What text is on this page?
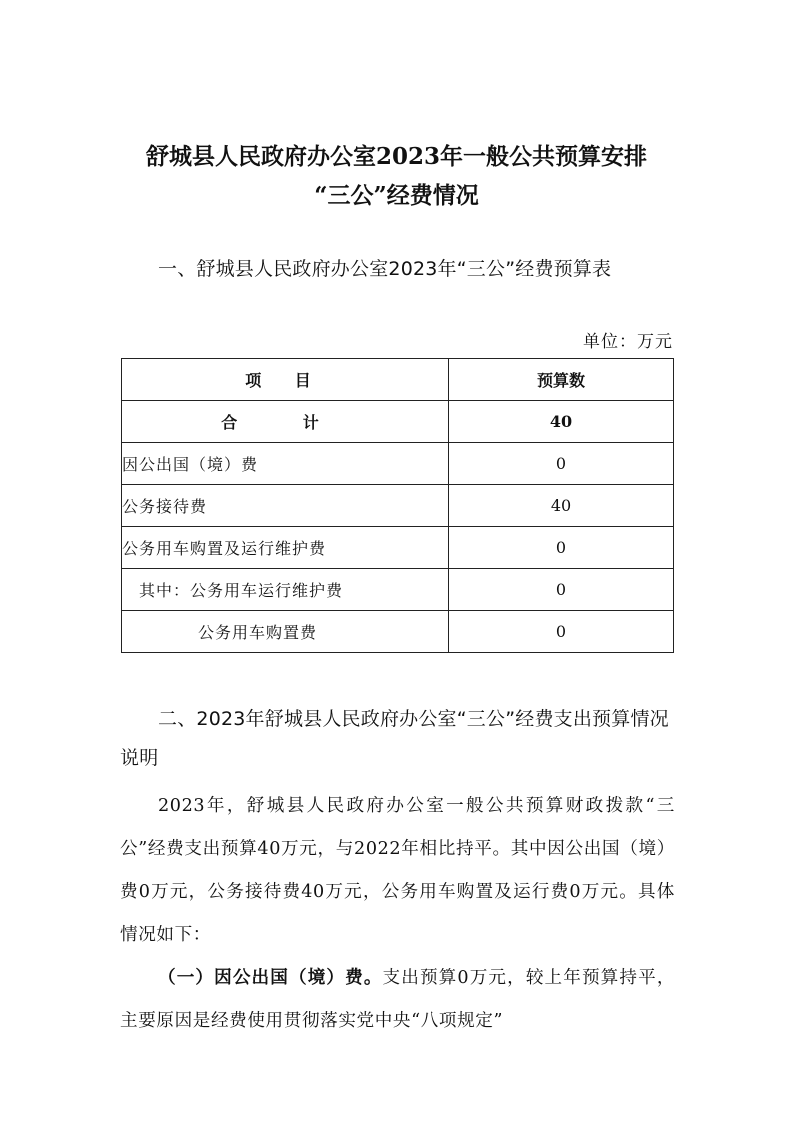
舒城县人民政府办公室2023年一般公共预算安排
“三公”经费情况
一、舒城县人民政府办公室2023年“三公”经费预算表
单位：万元
项 目	预算数
合 计	40
因公出国（境）费	0
公务接待费	40
公务用车购置及运行维护费	0
其中：公务用车运行维护费	0
公务用车购置费	0
二、2023年舒城县人民政府办公室“三公”经费支出预算情况说明

2023年，舒城县人民政府办公室一般公共预算财政拨款“三公”经费支出预算40万元，与2022年相比持平。其中因公出国（境）费0万元，公务接待费40万元，公务用车购置及运行费0万元。具体情况如下：

（一）因公出国（境）费。支出预算0万元，较上年预算持平，主要原因是经费使用贯彻落实党中央“八项规定”
